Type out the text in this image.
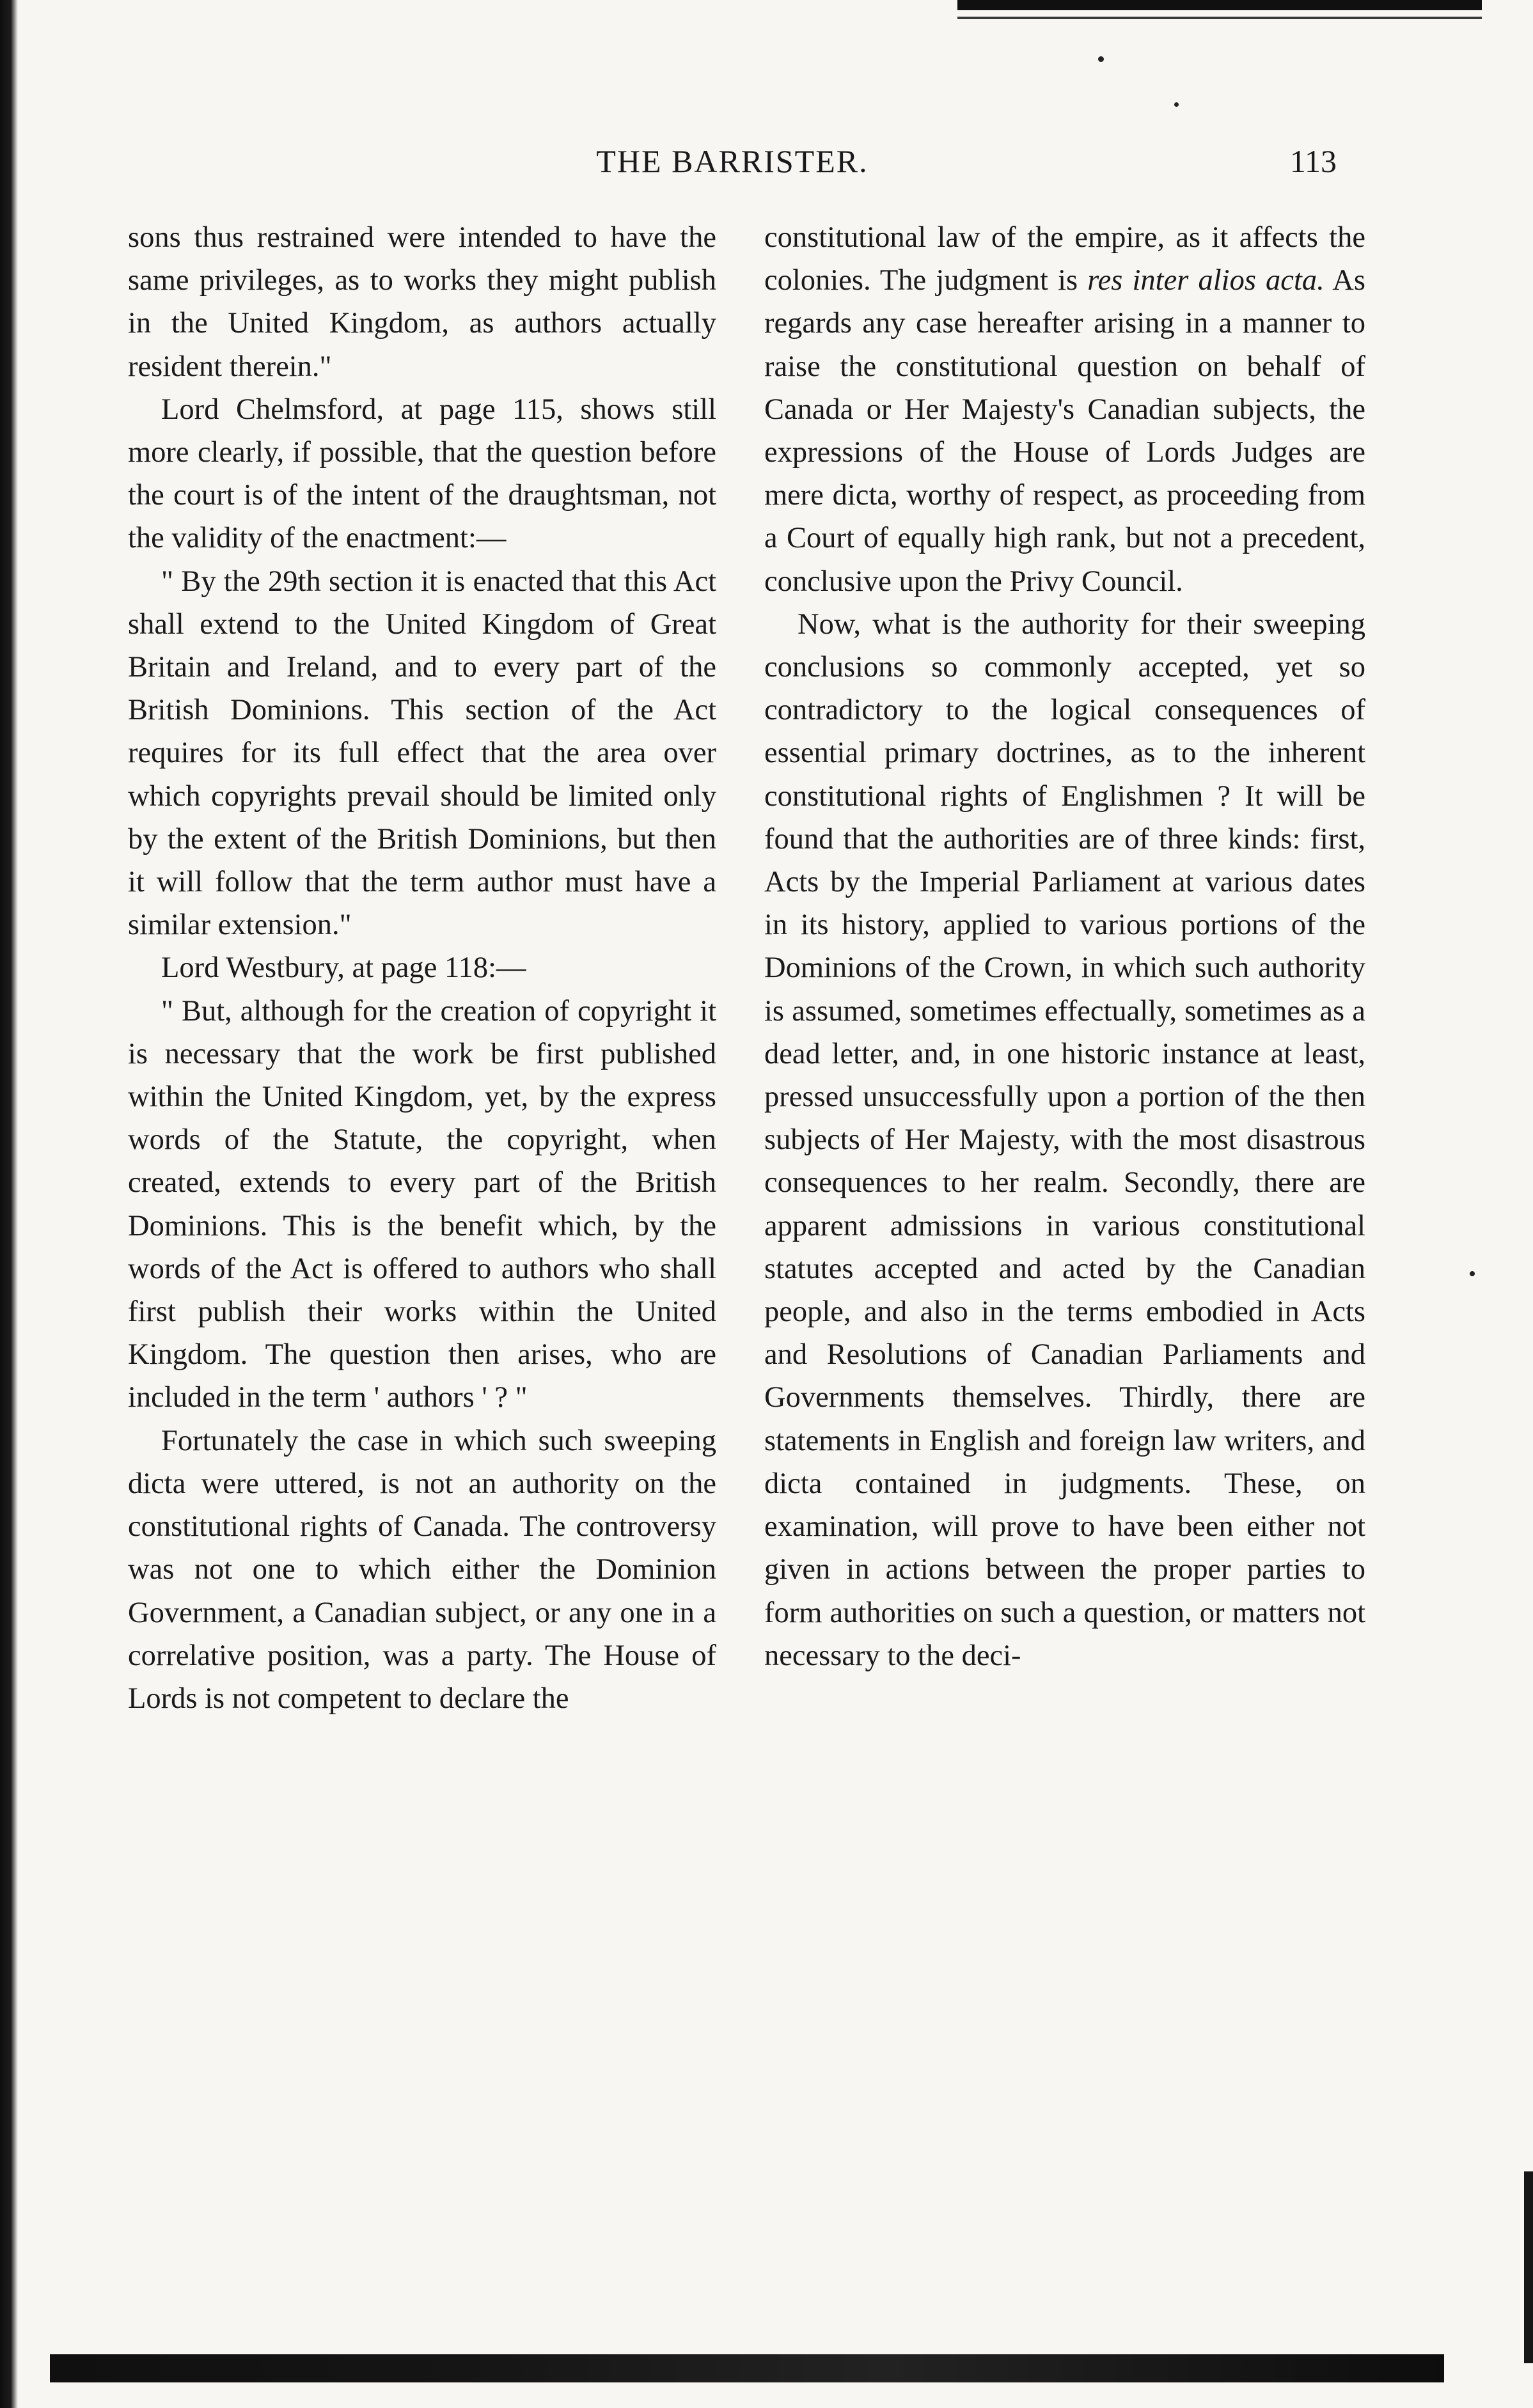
THE BARRISTER.	113

sons thus restrained were intended to have the same privileges, as to works they might publish in the United Kingdom, as authors actually resident therein."

Lord Chelmsford, at page 115, shows still more clearly, if possible, that the question before the court is of the intent of the draughtsman, not the validity of the enactment:—

" By the 29th section it is enacted that this Act shall extend to the United Kingdom of Great Britain and Ireland, and to every part of the British Dominions. This section of the Act requires for its full effect that the area over which copyrights prevail should be limited only by the extent of the British Dominions, but then it will follow that the term author must have a similar extension."

Lord Westbury, at page 118:—

" But, although for the creation of copyright it is necessary that the work be first published within the United Kingdom, yet, by the express words of the Statute, the copyright, when created, extends to every part of the British Dominions. This is the benefit which, by the words of the Act is offered to authors who shall first publish their works within the United Kingdom. The question then arises, who are included in the term ' authors ' ? "

Fortunately the case in which such sweeping dicta were uttered, is not an authority on the constitutional rights of Canada. The controversy was not one to which either the Dominion Government, a Canadian subject, or any one in a correlative position, was a party. The House of Lords is not competent to declare the

constitutional law of the empire, as it affects the colonies. The judgment is res inter alios acta. As regards any case hereafter arising in a manner to raise the constitutional question on behalf of Canada or Her Majesty's Canadian subjects, the expressions of the House of Lords Judges are mere dicta, worthy of respect, as proceeding from a Court of equally high rank, but not a precedent, conclusive upon the Privy Council.

Now, what is the authority for their sweeping conclusions so commonly accepted, yet so contradictory to the logical consequences of essential primary doctrines, as to the inherent constitutional rights of Englishmen ? It will be found that the authorities are of three kinds: first, Acts by the Imperial Parliament at various dates in its history, applied to various portions of the Dominions of the Crown, in which such authority is assumed, sometimes effectually, sometimes as a dead letter, and, in one historic instance at least, pressed unsuccessfully upon a portion of the then subjects of Her Majesty, with the most disastrous consequences to her realm. Secondly, there are apparent admissions in various constitutional statutes accepted and acted by the Canadian people, and also in the terms embodied in Acts and Resolutions of Canadian Parliaments and Governments themselves. Thirdly, there are statements in English and foreign law writers, and dicta contained in judgments. These, on examination, will prove to have been either not given in actions between the proper parties to form authorities on such a question, or matters not necessary to the deci-
